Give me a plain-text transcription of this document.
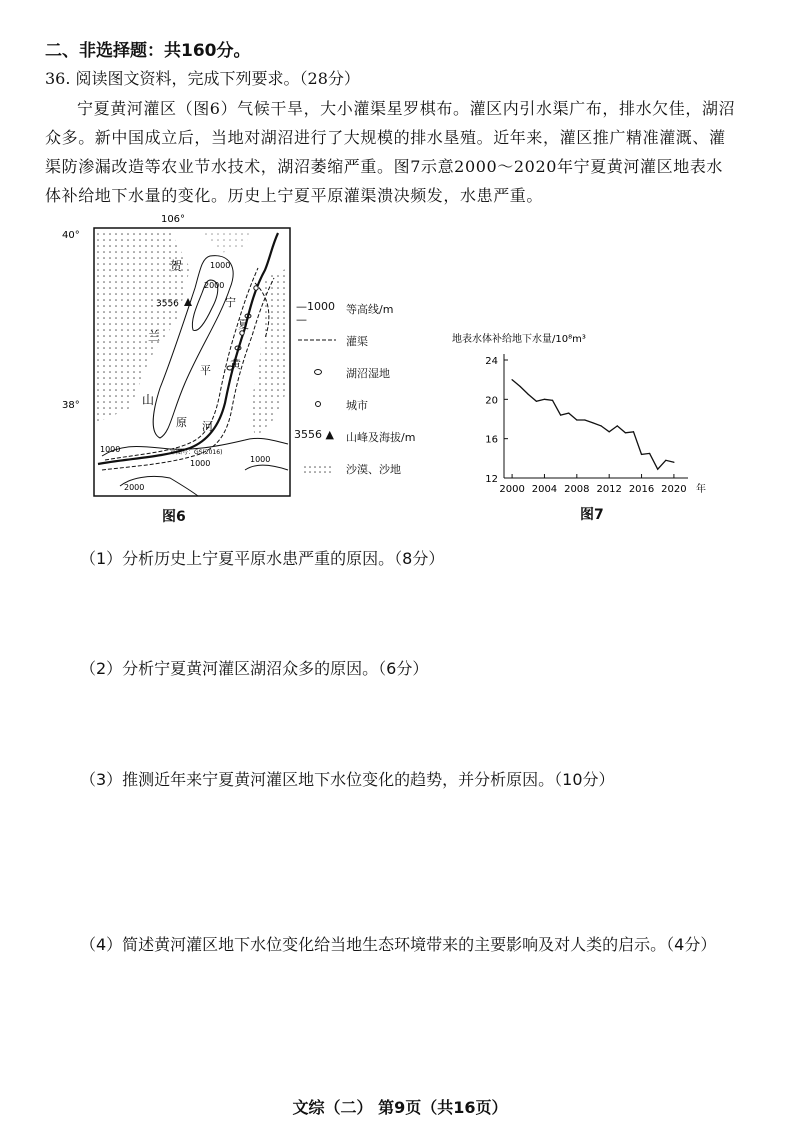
二、非选择题：共160分。
36. 阅读图文资料，完成下列要求。（28分）
宁夏黄河灌区（图6）气候干旱，大小灌渠星罗棋布。灌区内引水渠广布，排水欠佳，湖沼
众多。新中国成立后，当地对湖沼进行了大规模的排水垦殖。近年来，灌区推广精准灌溉、灌
渠防渗漏改造等农业节水技术，湖沼萎缩严重。图7示意2000～2020年宁夏黄河灌区地表水
体补给地下水量的变化。历史上宁夏平原灌渠溃决频发，水患严重。
106°
40°
38°
3556
1000
2000
1000
1000	1000
2000
贺
兰
山
宁
夏
平
原
黄
河
审图号：GS(2016)
图6
—1000—
等高线/m
灌渠
湖沼湿地
城市
3556 ▲ 山峰及海拔/m
沙漠、沙地
地表水体补给地下水量/10⁸m³
12
16
20
24
2000 2004 2008 2012 2016 2020 年
图7
（1）分析历史上宁夏平原水患严重的原因。（8分）
（2）分析宁夏黄河灌区湖沼众多的原因。（6分）
（3）推测近年来宁夏黄河灌区地下水位变化的趋势，并分析原因。（10分）
（4）简述黄河灌区地下水位变化给当地生态环境带来的主要影响及对人类的启示。（4分）
文综（二） 第9页（共16页）
